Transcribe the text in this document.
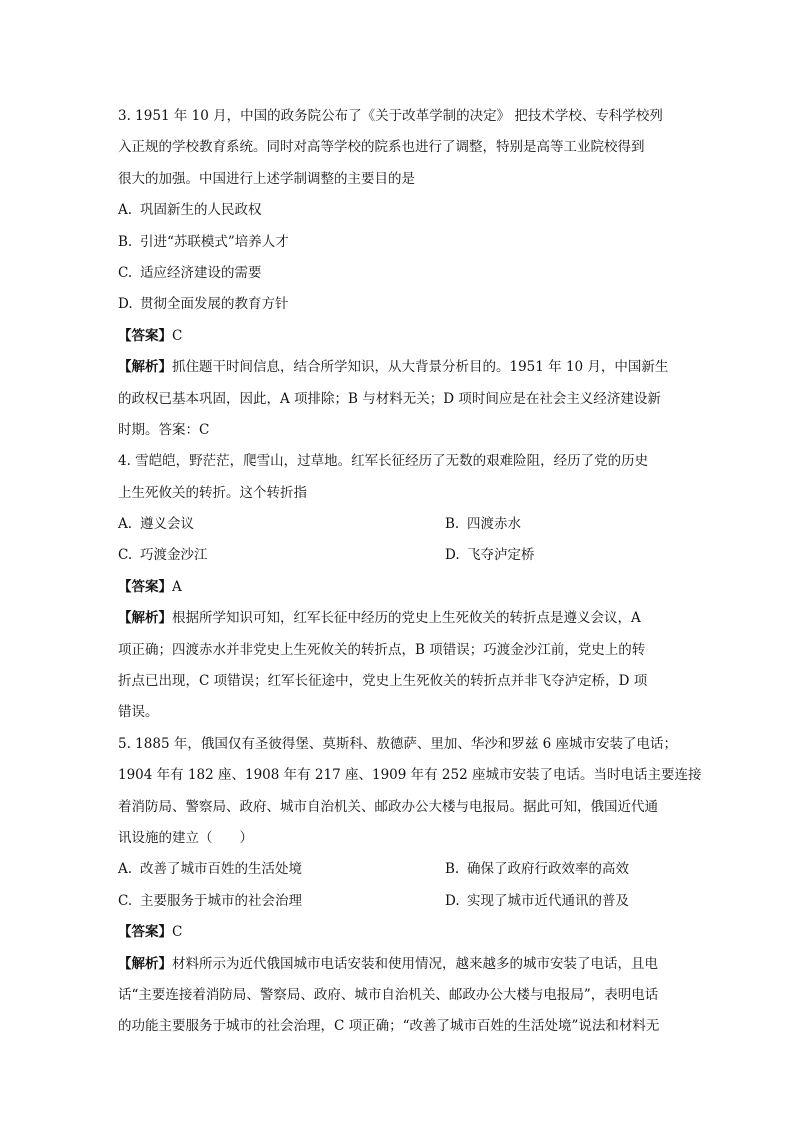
3. 1951 年 10 月，中国的政务院公布了《关于改革学制的决定》 把技术学校、专科学校列
入正规的学校教育系统。同时对高等学校的院系也进行了调整，特别是高等工业院校得到
很大的加强。中国进行上述学制调整的主要目的是
A. 巩固新生的人民政权
B. 引进“苏联模式”培养人才
C. 适应经济建设的需要
D. 贯彻全面发展的教育方针
【答案】C
【解析】抓住题干时间信息，结合所学知识，从大背景分析目的。1951 年 10 月，中国新生
的政权已基本巩固，因此，A 项排除；B 与材料无关；D 项时间应是在社会主义经济建设新
时期。答案：C
4. 雪皑皑，野茫茫，爬雪山，过草地。红军长征经历了无数的艰难险阻，经历了党的历史
上生死攸关的转折。这个转折指
A. 遵义会议	B. 四渡赤水
C. 巧渡金沙江	D. 飞夺泸定桥
【答案】A
【解析】根据所学知识可知，红军长征中经历的党史上生死攸关的转折点是遵义会议，A
项正确；四渡赤水并非党史上生死攸关的转折点，B 项错误；巧渡金沙江前，党史上的转
折点已出现，C 项错误；红军长征途中，党史上生死攸关的转折点并非飞夺泸定桥，D 项
错误。
5. 1885 年，俄国仅有圣彼得堡、莫斯科、敖德萨、里加、华沙和罗兹 6 座城市安装了电话；
1904 年有 182 座、1908 年有 217 座、1909 年有 252 座城市安装了电话。当时电话主要连接
着消防局、警察局、政府、城市自治机关、邮政办公大楼与电报局。据此可知，俄国近代通
讯设施的建立（　　）
A. 改善了城市百姓的生活处境	B. 确保了政府行政效率的高效
C. 主要服务于城市的社会治理	D. 实现了城市近代通讯的普及
【答案】C
【解析】材料所示为近代俄国城市电话安装和使用情况，越来越多的城市安装了电话，且电
话“主要连接着消防局、警察局、政府、城市自治机关、邮政办公大楼与电报局”，表明电话
的功能主要服务于城市的社会治理，C 项正确；“改善了城市百姓的生活处境”说法和材料无
